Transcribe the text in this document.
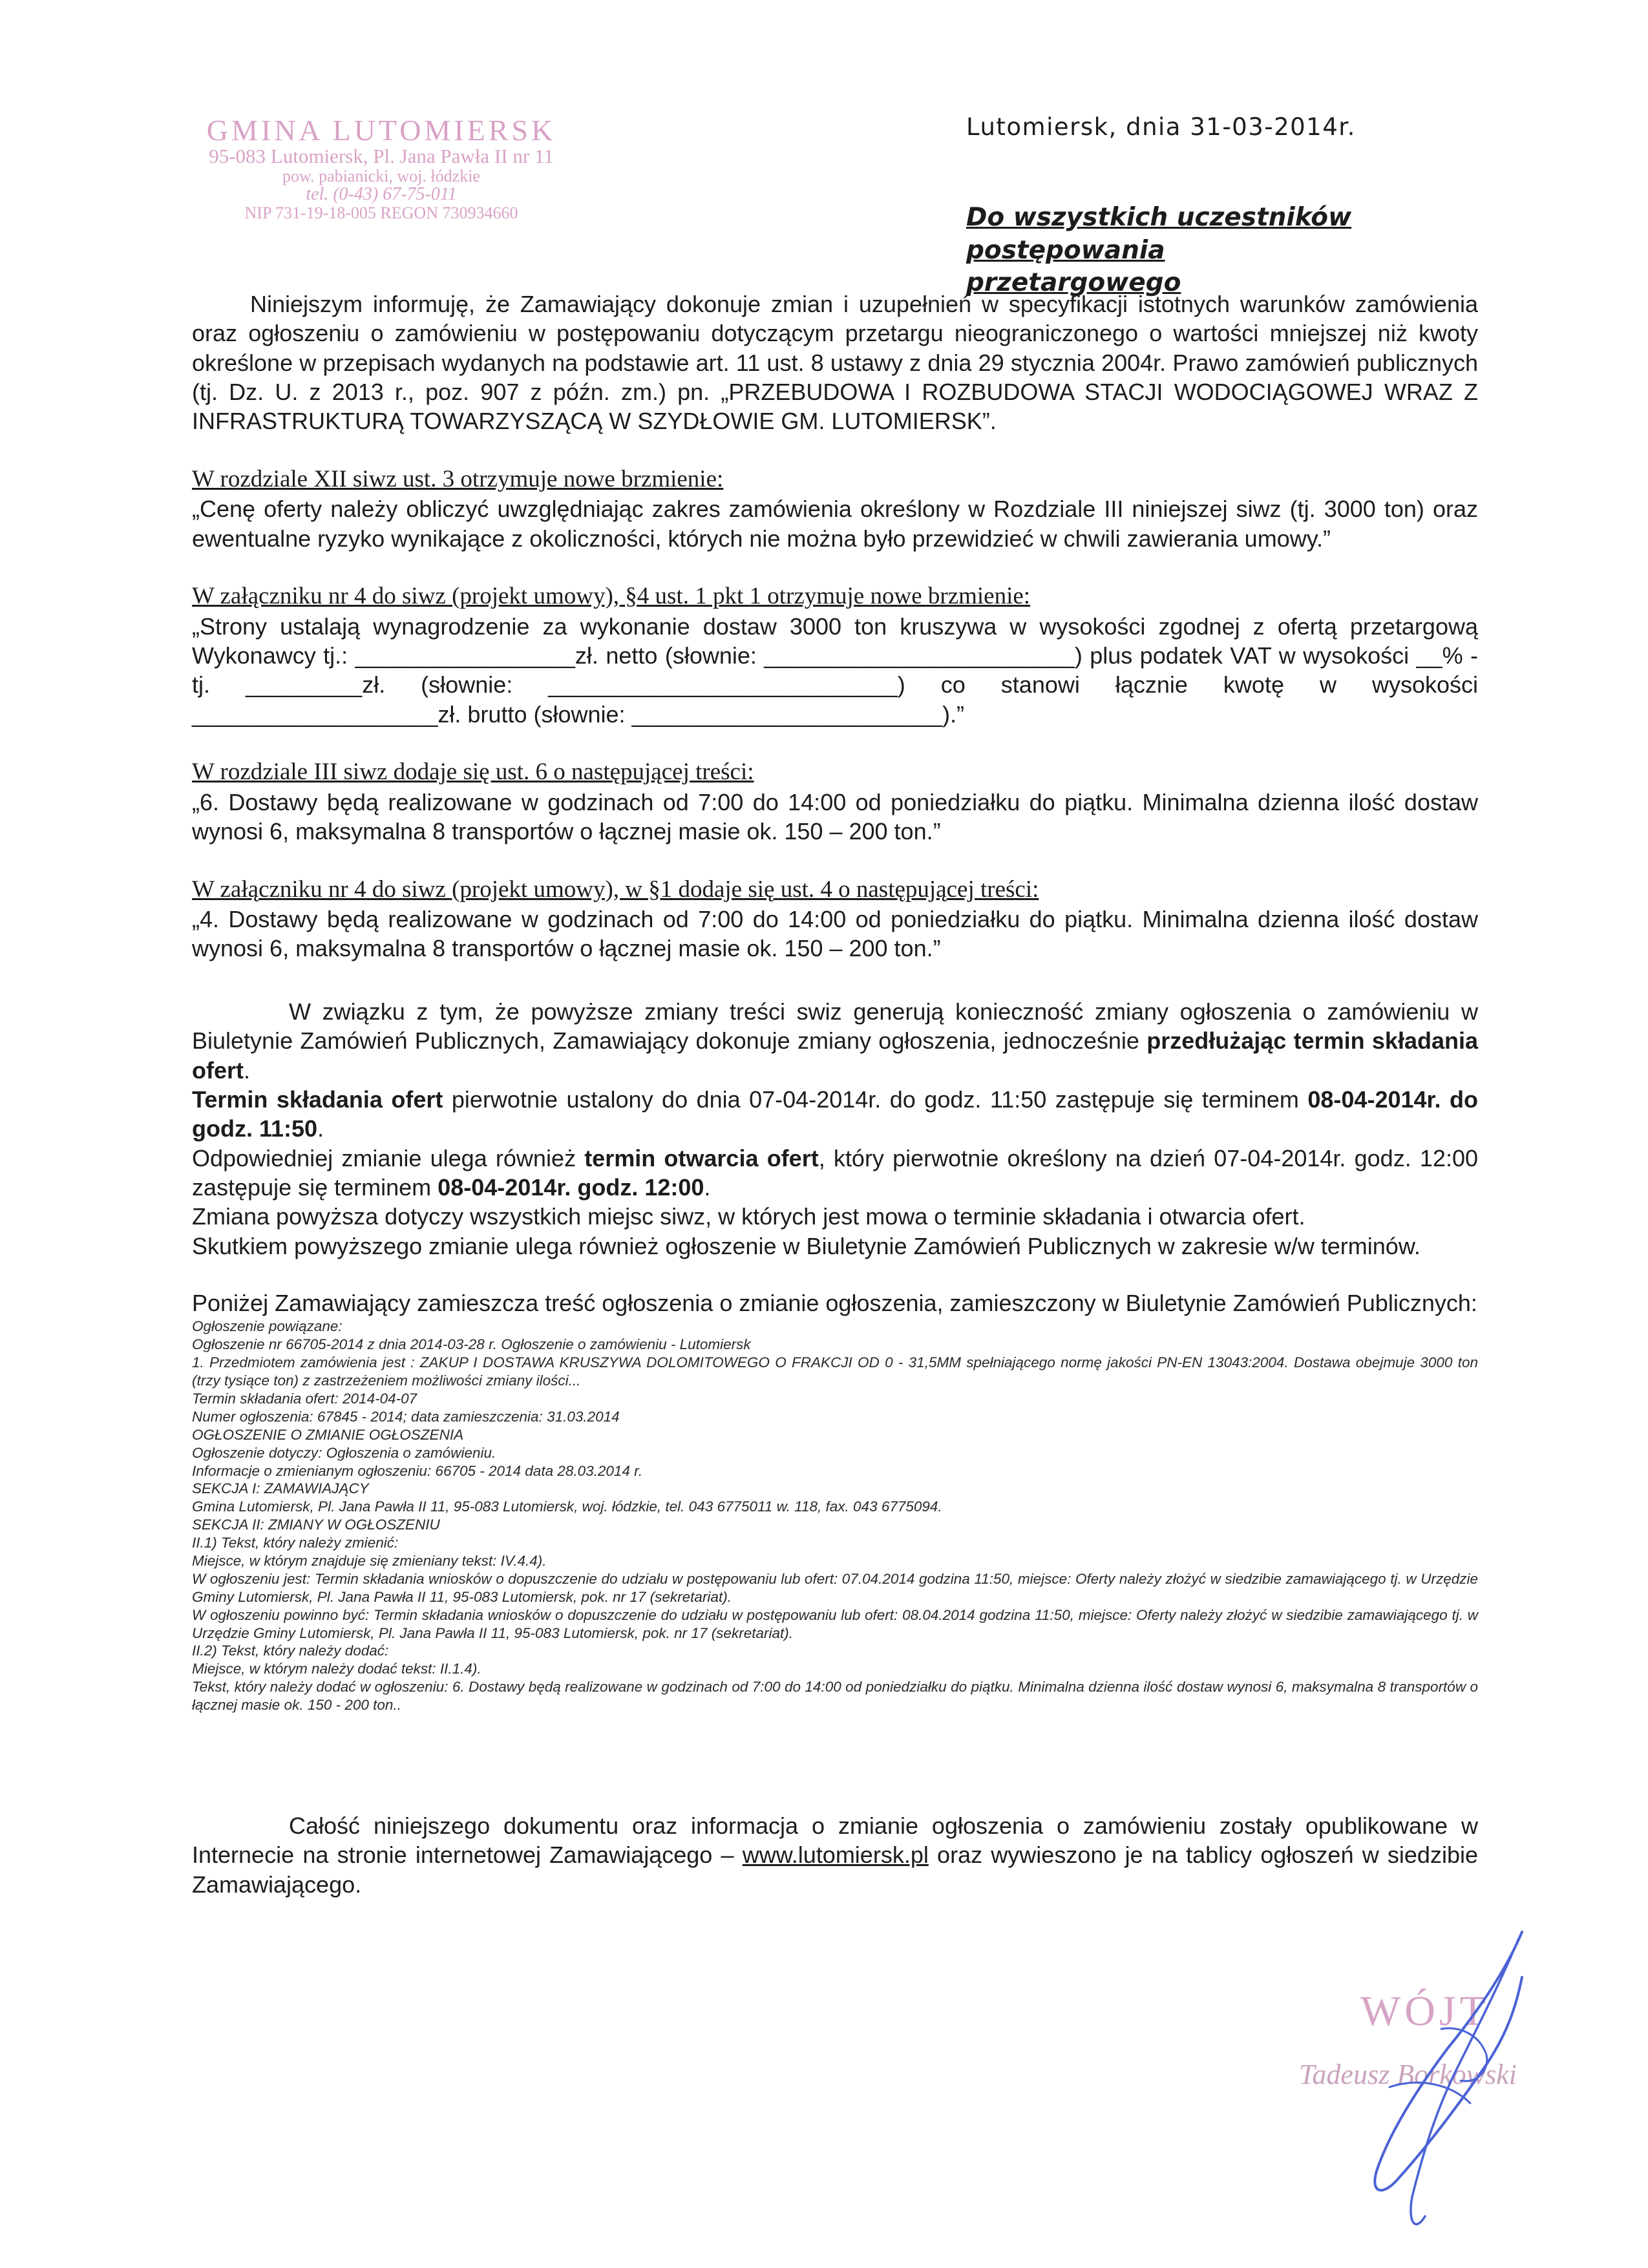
GMINA LUTOMIERSK
95-083 Lutomiersk, Pl. Jana Pawła II nr 11
pow. pabianicki, woj. łódzkie
tel. (0-43) 67-75-011
NIP 731-19-18-005 REGON 730934660
Lutomiersk, dnia 31-03-2014r.
Do wszystkich uczestników postępowania przetargowego

Niniejszym informuję, że Zamawiający dokonuje zmian i uzupełnień w specyfikacji istotnych warunków zamówienia oraz ogłoszeniu o zamówieniu w postępowaniu dotyczącym przetargu nieograniczonego o wartości mniejszej niż kwoty określone w przepisach wydanych na podstawie art. 11 ust. 8 ustawy z dnia 29 stycznia 2004r. Prawo zamówień publicznych (tj. Dz. U. z 2013 r., poz. 907 z późn. zm.) pn. „PRZEBUDOWA I ROZBUDOWA STACJI WODOCIĄGOWEJ WRAZ Z INFRASTRUKTURĄ TOWARZYSZĄCĄ W SZYDŁOWIE GM. LUTOMIERSK”.

W rozdziale XII siwz ust. 3 otrzymuje nowe brzmienie:
„Cenę oferty należy obliczyć uwzględniając zakres zamówienia określony w Rozdziale III niniejszej siwz (tj. 3000 ton) oraz ewentualne ryzyko wynikające z okoliczności, których nie można było przewidzieć w chwili zawierania umowy.”

W załączniku nr 4 do siwz (projekt umowy), §4 ust. 1 pkt 1 otrzymuje nowe brzmienie:
„Strony ustalają wynagrodzenie za wykonanie dostaw 3000 ton kruszywa w wysokości zgodnej z ofertą przetargową Wykonawcy tj.: _________________zł. netto (słownie: ________________________) plus podatek VAT w wysokości __% - tj. _________zł. (słownie: ___________________________) co stanowi łącznie kwotę w wysokości ___________________zł. brutto (słownie: ________________________).”

W rozdziale III siwz dodaje się ust. 6 o następującej treści:
„6. Dostawy będą realizowane w godzinach od 7:00 do 14:00 od poniedziałku do piątku. Minimalna dzienna ilość dostaw wynosi 6, maksymalna 8 transportów o łącznej masie ok. 150 – 200 ton.”

W załączniku nr 4 do siwz (projekt umowy), w §1 dodaje się ust. 4 o następującej treści:
„4. Dostawy będą realizowane w godzinach od 7:00 do 14:00 od poniedziałku do piątku. Minimalna dzienna ilość dostaw wynosi 6, maksymalna 8 transportów o łącznej masie ok. 150 – 200 ton.”

W związku z tym, że powyższe zmiany treści swiz generują konieczność zmiany ogłoszenia o zamówieniu w Biuletynie Zamówień Publicznych, Zamawiający dokonuje zmiany ogłoszenia, jednocześnie przedłużając termin składania ofert.

Termin składania ofert pierwotnie ustalony do dnia 07-04-2014r. do godz. 11:50 zastępuje się terminem 08-04-2014r. do godz. 11:50.

Odpowiedniej zmianie ulega również termin otwarcia ofert, który pierwotnie określony na dzień 07-04-2014r. godz. 12:00 zastępuje się terminem 08-04-2014r. godz. 12:00.

Zmiana powyższa dotyczy wszystkich miejsc siwz, w których jest mowa o terminie składania i otwarcia ofert.

Skutkiem powyższego zmianie ulega również ogłoszenie w Biuletynie Zamówień Publicznych w zakresie w/w terminów.

Poniżej Zamawiający zamieszcza treść ogłoszenia o zmianie ogłoszenia, zamieszczony w Biuletynie Zamówień Publicznych:

Ogłoszenie powiązane:
Ogłoszenie nr 66705-2014 z dnia 2014-03-28 r. Ogłoszenie o zamówieniu - Lutomiersk
1. Przedmiotem zamówienia jest : ZAKUP I DOSTAWA KRUSZYWA DOLOMITOWEGO O FRAKCJI OD 0 - 31,5MM spełniającego normę jakości PN-EN 13043:2004. Dostawa obejmuje 3000 ton (trzy tysiące ton) z zastrzeżeniem możliwości zmiany ilości...
Termin składania ofert: 2014-04-07
Numer ogłoszenia: 67845 - 2014; data zamieszczenia: 31.03.2014
OGŁOSZENIE O ZMIANIE OGŁOSZENIA
Ogłoszenie dotyczy: Ogłoszenia o zamówieniu.
Informacje o zmienianym ogłoszeniu: 66705 - 2014 data 28.03.2014 r.
SEKCJA I: ZAMAWIAJĄCY
Gmina Lutomiersk, Pl. Jana Pawła II 11, 95-083 Lutomiersk, woj. łódzkie, tel. 043 6775011 w. 118, fax. 043 6775094.
SEKCJA II: ZMIANY W OGŁOSZENIU
II.1) Tekst, który należy zmienić:
Miejsce, w którym znajduje się zmieniany tekst: IV.4.4).
W ogłoszeniu jest: Termin składania wniosków o dopuszczenie do udziału w postępowaniu lub ofert: 07.04.2014 godzina 11:50, miejsce: Oferty należy złożyć w siedzibie zamawiającego tj. w Urzędzie Gminy Lutomiersk, Pl. Jana Pawła II 11, 95-083 Lutomiersk, pok. nr 17 (sekretariat).
W ogłoszeniu powinno być: Termin składania wniosków o dopuszczenie do udziału w postępowaniu lub ofert: 08.04.2014 godzina 11:50, miejsce: Oferty należy złożyć w siedzibie zamawiającego tj. w Urzędzie Gminy Lutomiersk, Pl. Jana Pawła II 11, 95-083 Lutomiersk, pok. nr 17 (sekretariat).
II.2) Tekst, który należy dodać:
Miejsce, w którym należy dodać tekst: II.1.4).
Tekst, który należy dodać w ogłoszeniu: 6. Dostawy będą realizowane w godzinach od 7:00 do 14:00 od poniedziałku do piątku. Minimalna dzienna ilość dostaw wynosi 6, maksymalna 8 transportów o łącznej masie ok. 150 - 200 ton..

Całość niniejszego dokumentu oraz informacja o zmianie ogłoszenia o zamówieniu zostały opublikowane w Internecie na stronie internetowej Zamawiającego – www.lutomiersk.pl oraz wywieszono je na tablicy ogłoszeń w siedzibie Zamawiającego.

WÓJT
Tadeusz Borkowski
